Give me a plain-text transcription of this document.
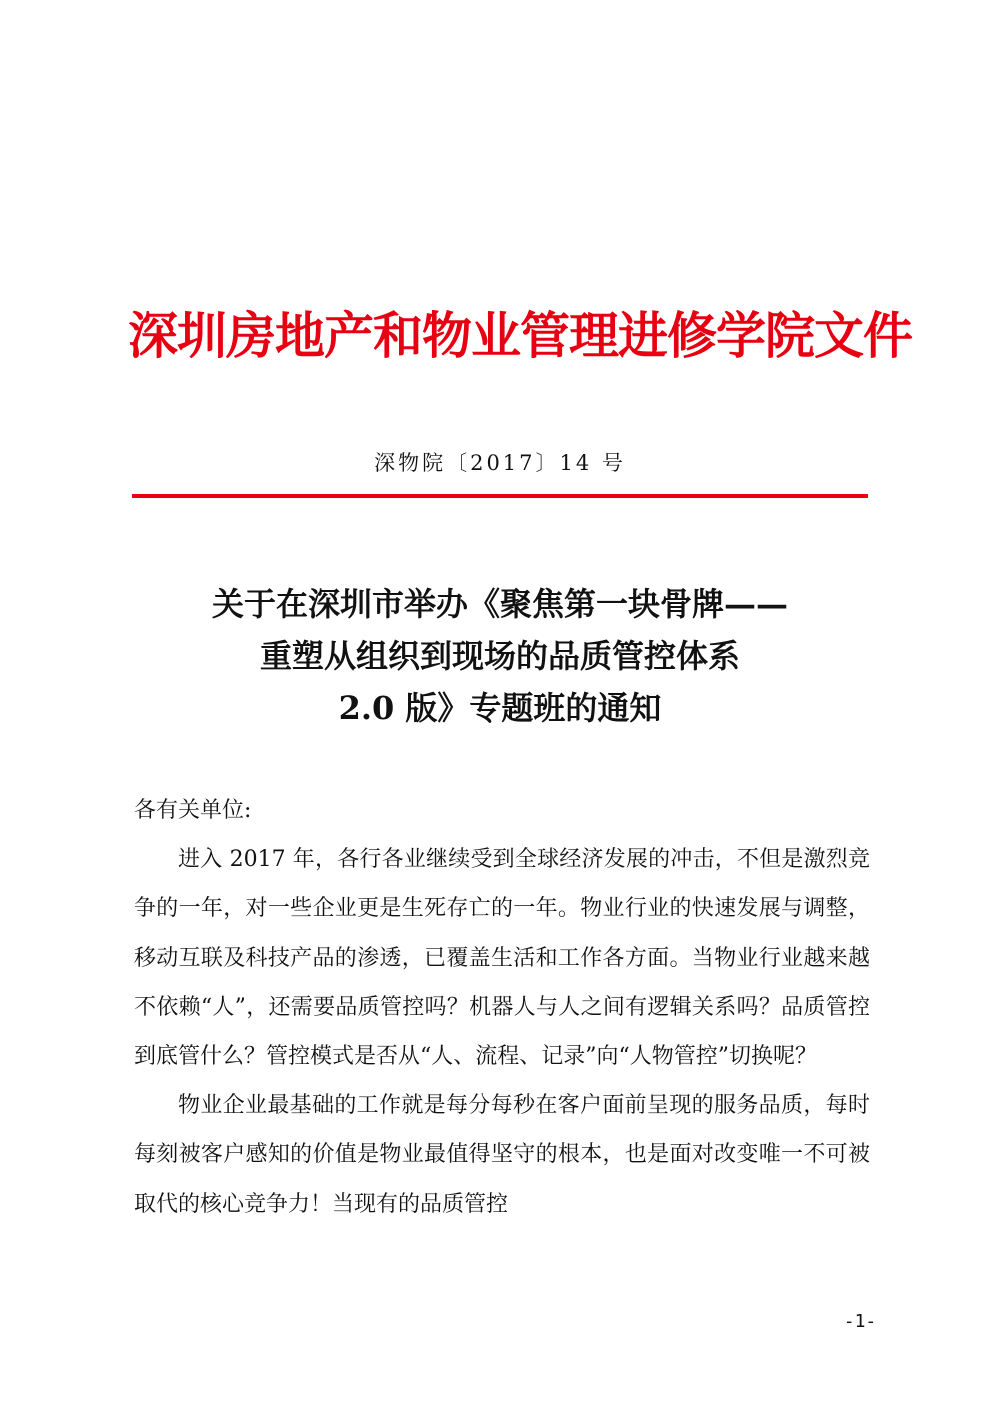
深圳房地产和物业管理进修学院文件
深物院〔2017〕14 号
关于在深圳市举办《聚焦第一块骨牌——
重塑从组织到现场的品质管控体系
2.0 版》专题班的通知

各有关单位:

进入 2017 年，各行各业继续受到全球经济发展的冲击，不但是激烈竞争的一年，对一些企业更是生死存亡的一年。物业行业的快速发展与调整，移动互联及科技产品的渗透，已覆盖生活和工作各方面。当物业行业越来越不依赖“人”，还需要品质管控吗？机器人与人之间有逻辑关系吗？品质管控到底管什么？管控模式是否从“人、流程、记录”向“人物管控”切换呢？

物业企业最基础的工作就是每分每秒在客户面前呈现的服务品质，每时每刻被客户感知的价值是物业最值得坚守的根本，也是面对改变唯一不可被取代的核心竞争力！当现有的品质管控

-1-
